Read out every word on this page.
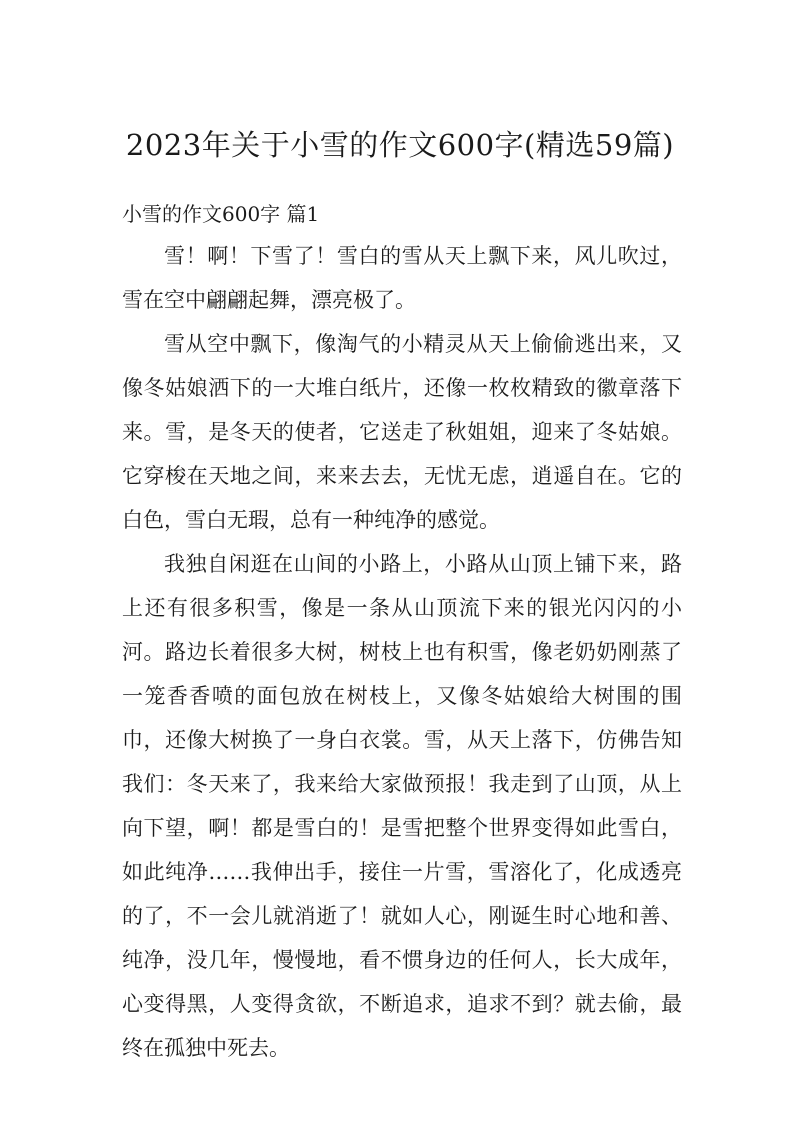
2023年关于小雪的作文600字(精选59篇)
小雪的作文600字 篇1

雪！啊！下雪了！雪白的雪从天上飘下来，风儿吹过，雪在空中翩翩起舞，漂亮极了。

雪从空中飘下，像淘气的小精灵从天上偷偷逃出来，又像冬姑娘洒下的一大堆白纸片，还像一枚枚精致的徽章落下来。雪，是冬天的使者，它送走了秋姐姐，迎来了冬姑娘。它穿梭在天地之间，来来去去，无忧无虑，逍遥自在。它的白色，雪白无瑕，总有一种纯净的感觉。

我独自闲逛在山间的小路上，小路从山顶上铺下来，路上还有很多积雪，像是一条从山顶流下来的银光闪闪的小河。路边长着很多大树，树枝上也有积雪，像老奶奶刚蒸了一笼香香喷的面包放在树枝上，又像冬姑娘给大树围的围巾，还像大树换了一身白衣裳。雪，从天上落下，仿佛告知我们：冬天来了，我来给大家做预报！我走到了山顶，从上向下望，啊！都是雪白的！是雪把整个世界变得如此雪白，如此纯净……我伸出手，接住一片雪，雪溶化了，化成透亮的了，不一会儿就消逝了！就如人心，刚诞生时心地和善、纯净，没几年，慢慢地，看不惯身边的任何人，长大成年，心变得黑，人变得贪欲，不断追求，追求不到？就去偷，最终在孤独中死去。
